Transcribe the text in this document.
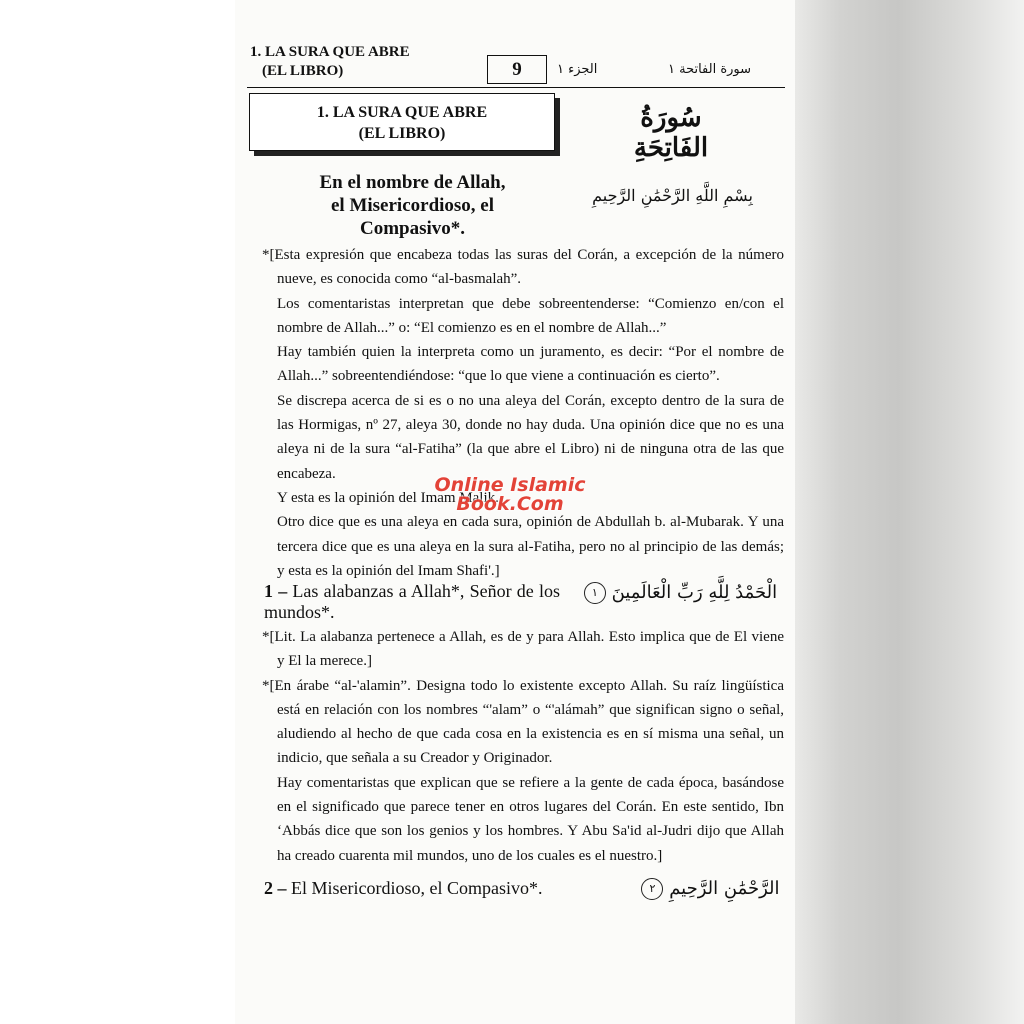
1. LA SURA QUE ABRE
(EL LIBRO)	9	الجزء ١	سورة الفاتحة ١
1. LA SURA QUE ABRE
(EL LIBRO)
سُورَةُ الفَاتِحَةِ
En el nombre de Allah,
el Misericordioso, el Compasivo*.
بِسْمِ اللَّهِ الرَّحْمَٰنِ الرَّحِيمِ

*[Esta expresión que encabeza todas las suras del Corán, a excepción de la número nueve, es conocida como “al-basmalah”.

Los comentaristas interpretan que debe sobreentenderse: “Comienzo en/con el nombre de Allah...” o: “El comienzo es en el nombre de Allah...”

Hay también quien la interpreta como un juramento, es decir: “Por el nombre de Allah...” sobreentendiéndose: “que lo que viene a continuación es cierto”.

Se discrepa acerca de si es o no una aleya del Corán, excepto dentro de la sura de las Hormigas, nº 27, aleya 30, donde no hay duda. Una opinión dice que no es una aleya ni de la sura “al-Fatiha” (la que abre el Libro) ni de ninguna otra de las que encabeza.

Y esta es la opinión del Imam Malik.

Otro dice que es una aleya en cada sura, opinión de Abdullah b. al-Mubarak. Y una tercera dice que es una aleya en la sura al-Fatiha, pero no al principio de las demás; y esta es la opinión del Imam Shafi'.]

1 – Las alabanzas a Allah*, Señor de los mundos*.
الْحَمْدُ لِلَّهِ رَبِّ الْعَالَمِينَ ١

*[Lit. La alabanza pertenece a Allah, es de y para Allah. Esto implica que de El viene y El la merece.]

*[En árabe “al-'alamin”. Designa todo lo existente excepto Allah. Su raíz lingüística está en relación con los nombres “'alam” o “'alámah” que significan signo o señal, aludiendo al hecho de que cada cosa en la existencia es en sí misma una señal, un indicio, que señala a su Creador y Originador.

Hay comentaristas que explican que se refiere a la gente de cada época, basándose en el significado que parece tener en otros lugares del Corán. En este sentido, Ibn ‘Abbás dice que son los genios y los hombres. Y Abu Sa'id al-Judri dijo que Allah ha creado cuarenta mil mundos, uno de los cuales es el nuestro.]

2 – El Misericordioso, el Compasivo*.	الرَّحْمَٰنِ الرَّحِيمِ ٢
Online Islamic
Book.Com
